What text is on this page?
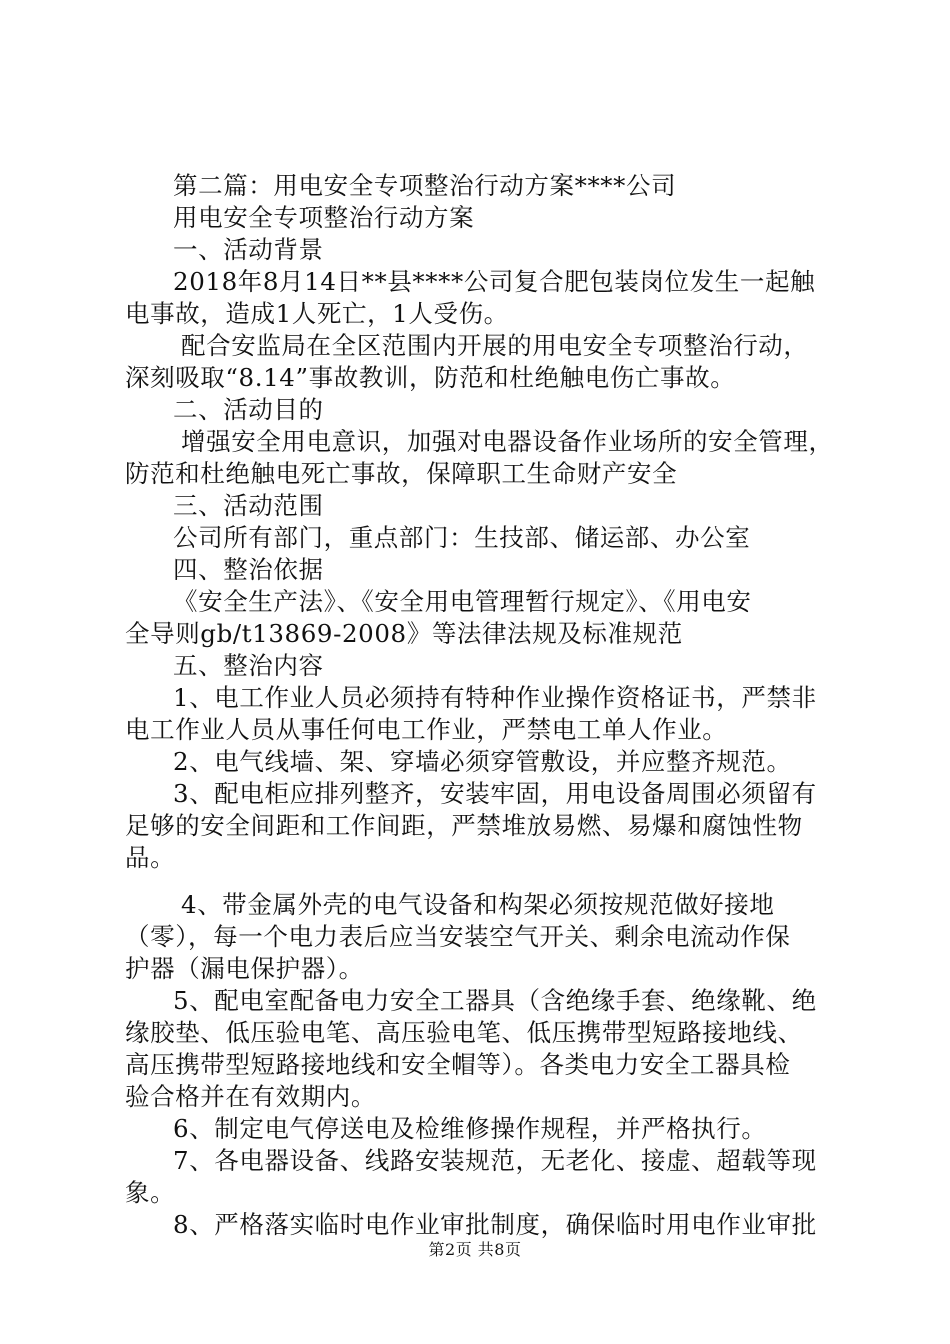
第二篇：用电安全专项整治行动方案****公司
用电安全专项整治行动方案
一、活动背景
2018年8月14日**县****公司复合肥包装岗位发生一起触
电事故，造成1人死亡，1人受伤。
配合安监局在全区范围内开展的用电安全专项整治行动，
深刻吸取“8.14”事故教训，防范和杜绝触电伤亡事故。
二、活动目的
增强安全用电意识，加强对电器设备作业场所的安全管理，
防范和杜绝触电死亡事故，保障职工生命财产安全
三、活动范围
公司所有部门，重点部门：生技部、储运部、办公室
四、整治依据
《安全生产法》、《安全用电管理暂行规定》、《用电安
全导则gb/t13869-2008》等法律法规及标准规范
五、整治内容
1、电工作业人员必须持有特种作业操作资格证书，严禁非
电工作业人员从事任何电工作业，严禁电工单人作业。
2、电气线墙、架、穿墙必须穿管敷设，并应整齐规范。
3、配电柜应排列整齐，安装牢固，用电设备周围必须留有
足够的安全间距和工作间距，严禁堆放易燃、易爆和腐蚀性物
品。
4、带金属外壳的电气设备和构架必须按规范做好接地
（零），每一个电力表后应当安装空气开关、剩余电流动作保
护器（漏电保护器）。
5、配电室配备电力安全工器具（含绝缘手套、绝缘靴、绝
缘胶垫、低压验电笔、高压验电笔、低压携带型短路接地线、
高压携带型短路接地线和安全帽等）。各类电力安全工器具检
验合格并在有效期内。
6、制定电气停送电及检维修操作规程，并严格执行。
7、各电器设备、线路安装规范，无老化、接虚、超载等现
象。
8、严格落实临时电作业审批制度，确保临时用电作业审批
第2页 共8页
